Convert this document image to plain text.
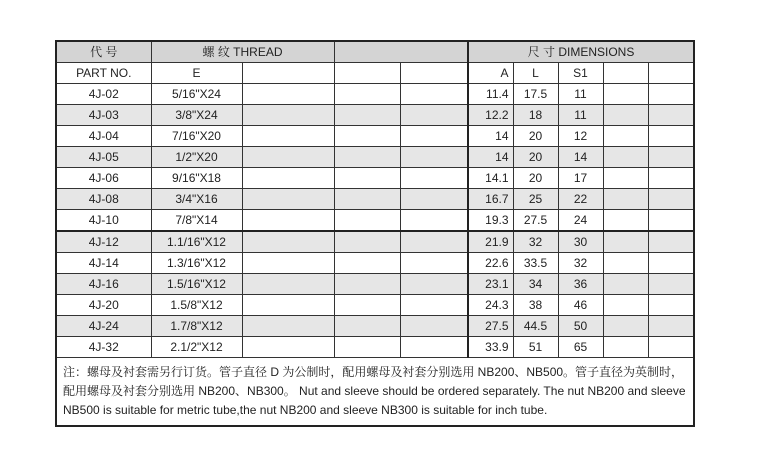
代 号	螺 纹 THREAD				尺 寸 DIMENSIONS				
PART NO.	E				A	L	S1		
4J-02	5/16"X24				11.4	17.5	11		
4J-03	3/8"X24				12.2	18	11		
4J-04	7/16"X20				14	20	12		
4J-05	1/2"X20				14	20	14		
4J-06	9/16"X18				14.1	20	17		
4J-08	3/4"X16				16.7	25	22		
4J-10	7/8"X14				19.3	27.5	24		
4J-12	1.1/16"X12				21.9	32	30		
4J-14	1.3/16"X12				22.6	33.5	32		
4J-16	1.5/16"X12				23.1	34	36		
4J-20	1.5/8"X12				24.3	38	46		
4J-24	1.7/8"X12				27.5	44.5	50		
4J-32	2.1/2"X12				33.9	51	65		
注：螺母及衬套需另行订货。管子直径 D 为公制时，配用螺母及衬套分别选用 NB200、NB500。管子直径为英制时，配用螺母及衬套分别选用 NB200、NB300。 Nut and sleeve should be ordered separately. The nut NB200 and sleeve NB500 is suitable for metric tube,the nut NB200 and sleeve NB300 is suitable for inch tube.									
